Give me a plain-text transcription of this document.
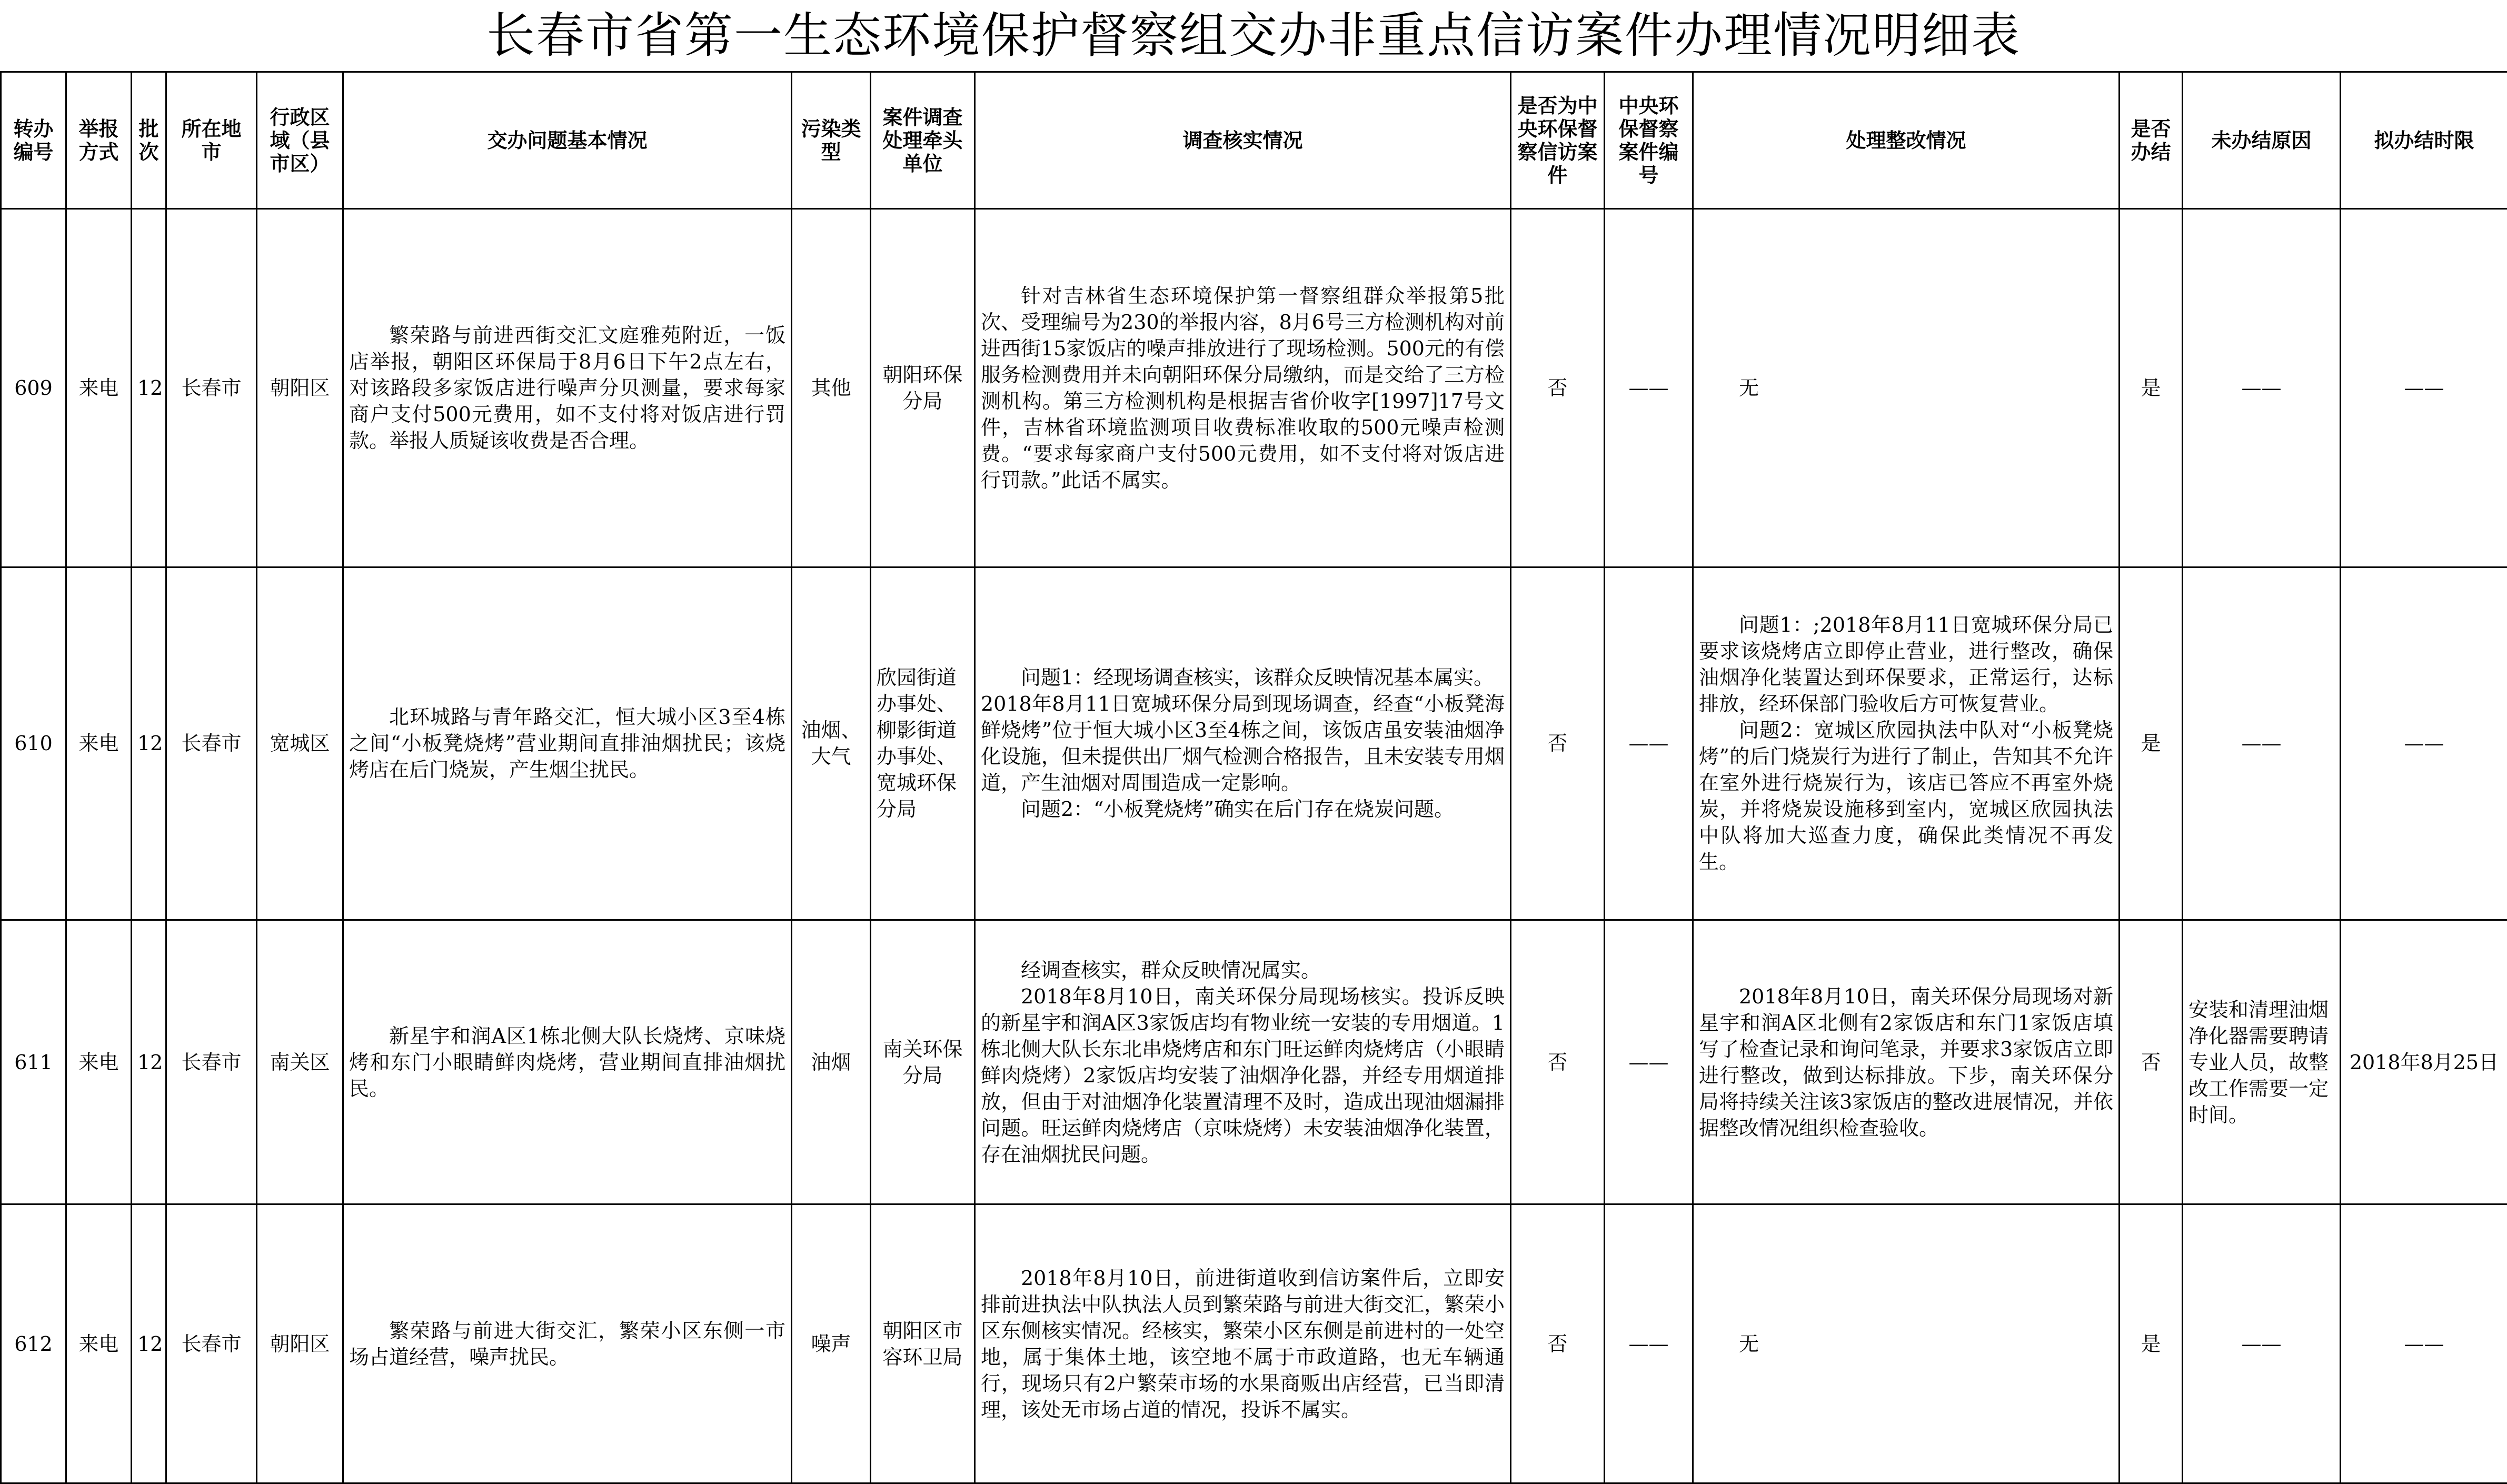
长春市省第一生态环境保护督察组交办非重点信访案件办理情况明细表
转办编号	举报方式	批次	所在地市	行政区域（县市区）	交办问题基本情况	污染类型	案件调查处理牵头单位	调查核实情况	是否为中央环保督察信访案件	中央环保督察案件编号	处理整改情况	是否办结	未办结原因	拟办结时限
609	来电	12	长春市	朝阳区	繁荣路与前进西街交汇文庭雅苑附近，一饭店举报，朝阳区环保局于8月6日下午2点左右，对该路段多家饭店进行噪声分贝测量，要求每家商户支付500元费用，如不支付将对饭店进行罚款。举报人质疑该收费是否合理。	其他	朝阳环保分局	针对吉林省生态环境保护第一督察组群众举报第5批次、受理编号为230的举报内容，8月6号三方检测机构对前进西街15家饭店的噪声排放进行了现场检测。500元的有偿服务检测费用并未向朝阳环保分局缴纳，而是交给了三方检测机构。第三方检测机构是根据吉省价收字[1997]17号文件，吉林省环境监测项目收费标准收取的500元噪声检测费。“要求每家商户支付500元费用，如不支付将对饭店进行罚款。”此话不属实。	否	——	无	是	——	——
610	来电	12	长春市	宽城区	北环城路与青年路交汇，恒大城小区3至4栋之间“小板凳烧烤”营业期间直排油烟扰民；该烧烤店在后门烧炭，产生烟尘扰民。	油烟、大气	欣园街道办事处、柳影街道办事处、宽城环保分局	问题1：经现场调查核实，该群众反映情况基本属实。
2018年8月11日宽城环保分局到现场调查，经查“小板凳海鲜烧烤”位于恒大城小区3至4栋之间，该饭店虽安装油烟净化设施，但未提供出厂烟气检测合格报告，且未安装专用烟道，产生油烟对周围造成一定影响。
问题2：“小板凳烧烤”确实在后门存在烧炭问题。	否	——	问题1：;2018年8月11日宽城环保分局已要求该烧烤店立即停止营业，进行整改，确保油烟净化装置达到环保要求，正常运行，达标排放，经环保部门验收后方可恢复营业。
问题2：宽城区欣园执法中队对“小板凳烧烤”的后门烧炭行为进行了制止，告知其不允许在室外进行烧炭行为，该店已答应不再室外烧炭，并将烧炭设施移到室内，宽城区欣园执法中队将加大巡查力度，确保此类情况不再发生。	是	——	——
611	来电	12	长春市	南关区	新星宇和润A区1栋北侧大队长烧烤、京味烧烤和东门小眼睛鲜肉烧烤，营业期间直排油烟扰民。	油烟	南关环保分局	经调查核实，群众反映情况属实。
2018年8月10日，南关环保分局现场核实。投诉反映的新星宇和润A区3家饭店均有物业统一安装的专用烟道。1栋北侧大队长东北串烧烤店和东门旺运鲜肉烧烤店（小眼睛鲜肉烧烤）2家饭店均安装了油烟净化器，并经专用烟道排放，但由于对油烟净化装置清理不及时，造成出现油烟漏排问题。旺运鲜肉烧烤店（京味烧烤）未安装油烟净化装置，存在油烟扰民问题。	否	——	2018年8月10日，南关环保分局现场对新星宇和润A区北侧有2家饭店和东门1家饭店填写了检查记录和询问笔录，并要求3家饭店立即进行整改，做到达标排放。下步，南关环保分局将持续关注该3家饭店的整改进展情况，并依据整改情况组织检查验收。	否	安装和清理油烟净化器需要聘请专业人员，故整改工作需要一定时间。	2018年8月25日
612	来电	12	长春市	朝阳区	繁荣路与前进大街交汇，繁荣小区东侧一市场占道经营，噪声扰民。	噪声	朝阳区市容环卫局	2018年8月10日，前进街道收到信访案件后，立即安排前进执法中队执法人员到繁荣路与前进大街交汇，繁荣小区东侧核实情况。经核实，繁荣小区东侧是前进村的一处空地，属于集体土地，该空地不属于市政道路，也无车辆通行，现场只有2户繁荣市场的水果商贩出店经营，已当即清理，该处无市场占道的情况，投诉不属实。	否	——	无	是	——	——
